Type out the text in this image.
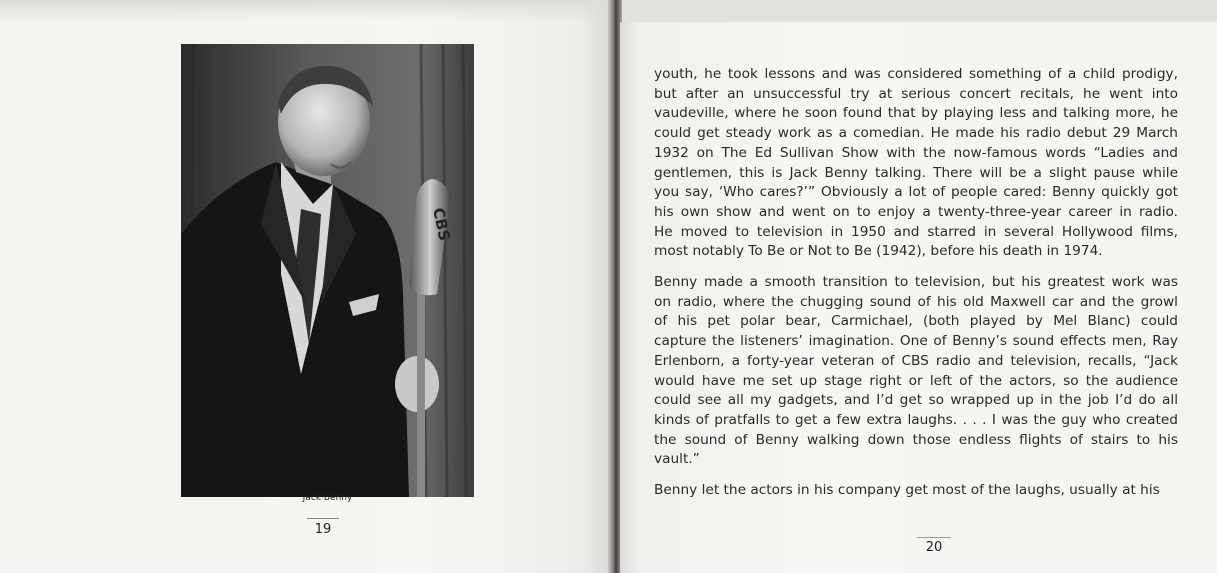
CBS
Jack Benny
19

youth, he took lessons and was considered something of a child prodigy,
but after an unsuccessful try at serious concert recitals, he went into
vaudeville, where he soon found that by playing less and talking more, he
could get steady work as a comedian. He made his radio debut 29 March
1932 on The Ed Sullivan Show with the now-famous words “Ladies and
gentlemen, this is Jack Benny talking. There will be a slight pause while
you say, ‘Who cares?’” Obviously a lot of people cared: Benny quickly got
his own show and went on to enjoy a twenty-three-year career in radio.
He moved to television in 1950 and starred in several Hollywood films,
most notably To Be or Not to Be (1942), before his death in 1974.

Benny made a smooth transition to television, but his greatest work was
on radio, where the chugging sound of his old Maxwell car and the growl
of his pet polar bear, Carmichael, (both played by Mel Blanc) could
capture the listeners’ imagination. One of Benny’s sound effects men, Ray
Erlenborn, a forty-year veteran of CBS radio and television, recalls, “Jack
would have me set up stage right or left of the actors, so the audience
could see all my gadgets, and I’d get so wrapped up in the job I’d do all
kinds of pratfalls to get a few extra laughs. . . . I was the guy who created
the sound of Benny walking down those endless flights of stairs to his
vault.”

Benny let the actors in his company get most of the laughs, usually at his

20
